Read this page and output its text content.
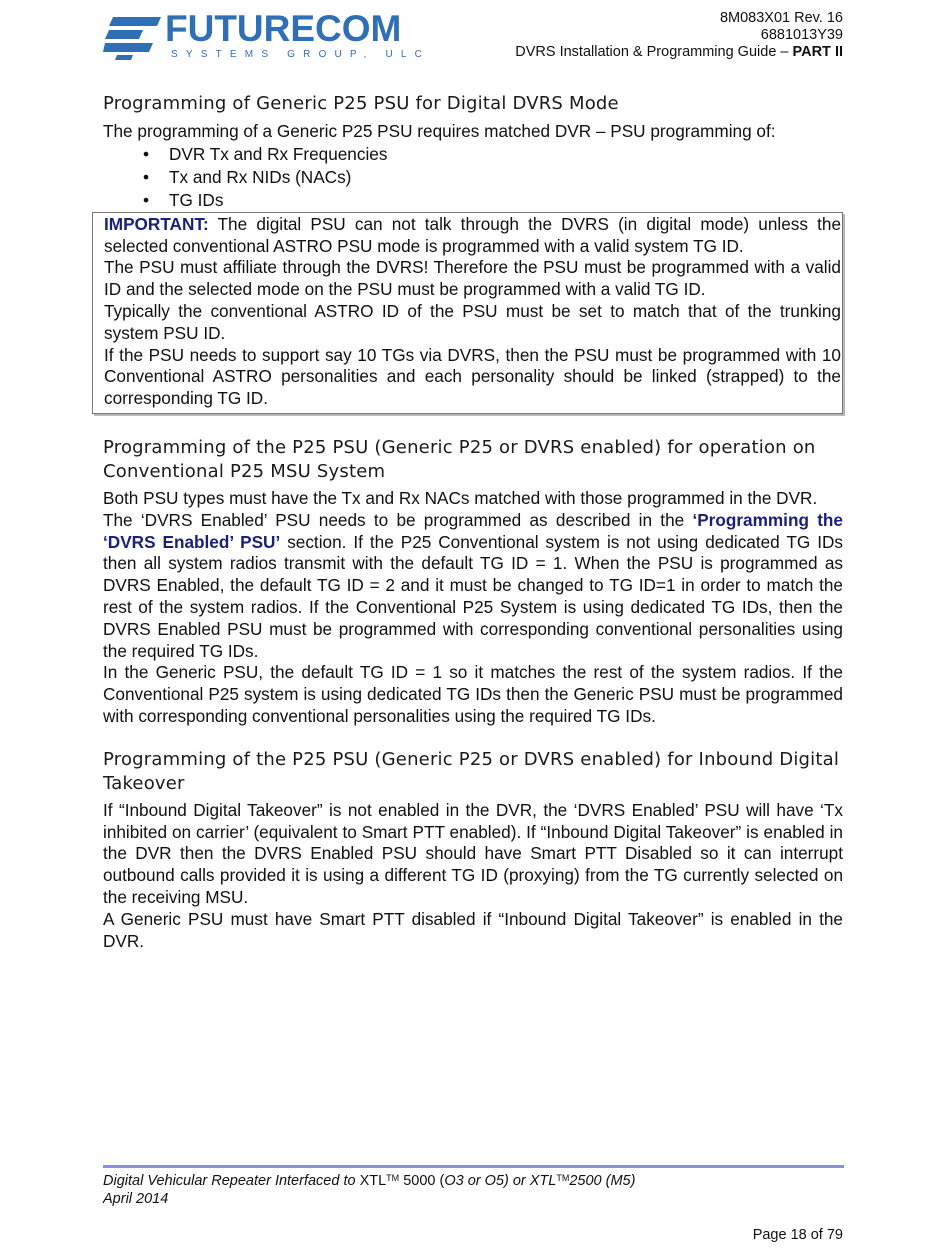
FUTURECOM
SYSTEMS GROUP, ULC
8M083X01 Rev. 16
6881013Y39
DVRS Installation & Programming Guide – PART II
Programming of Generic P25 PSU for Digital DVRS Mode

The programming of a Generic P25 PSU requires matched DVR – PSU programming of:

• DVR Tx and Rx Frequencies
• Tx and Rx NIDs (NACs)
• TG IDs

IMPORTANT: The digital PSU can not talk through the DVRS (in digital mode) unless the selected conventional ASTRO PSU mode is programmed with a valid system TG ID.

The PSU must affiliate through the DVRS! Therefore the PSU must be programmed with a valid ID and the selected mode on the PSU must be programmed with a valid TG ID.

Typically the conventional ASTRO ID of the PSU must be set to match that of the trunking system PSU ID.

If the PSU needs to support say 10 TGs via DVRS, then the PSU must be programmed with 10 Conventional ASTRO personalities and each personality should be linked (strapped) to the corresponding TG ID.

Programming of the P25 PSU (Generic P25 or DVRS enabled) for operation on Conventional P25 MSU System

Both PSU types must have the Tx and Rx NACs matched with those programmed in the DVR.

The ‘DVRS Enabled’ PSU needs to be programmed as described in the ‘Programming the ‘DVRS Enabled’ PSU’ section. If the P25 Conventional system is not using dedicated TG IDs then all system radios transmit with the default TG ID = 1. When the PSU is programmed as DVRS Enabled, the default TG ID = 2 and it must be changed to TG ID=1 in order to match the rest of the system radios. If the Conventional P25 System is using dedicated TG IDs, then the DVRS Enabled PSU must be programmed with corresponding conventional personalities using the required TG IDs.

In the Generic PSU, the default TG ID = 1 so it matches the rest of the system radios. If the Conventional P25 system is using dedicated TG IDs then the Generic PSU must be programmed with corresponding conventional personalities using the required TG IDs.

Programming of the P25 PSU (Generic P25 or DVRS enabled) for Inbound Digital Takeover

If “Inbound Digital Takeover” is not enabled in the DVR, the ‘DVRS Enabled’ PSU will have ‘Tx inhibited on carrier’ (equivalent to Smart PTT enabled). If “Inbound Digital Takeover” is enabled in the DVR then the DVRS Enabled PSU should have Smart PTT Disabled so it can interrupt outbound calls provided it is using a different TG ID (proxying) from the TG currently selected on the receiving MSU.

A Generic PSU must have Smart PTT disabled if “Inbound Digital Takeover” is enabled in the DVR.

Digital Vehicular Repeater Interfaced to XTL™ 5000 (O3 or O5) or XTL™2500 (M5)
April 2014
Page 18 of 79
